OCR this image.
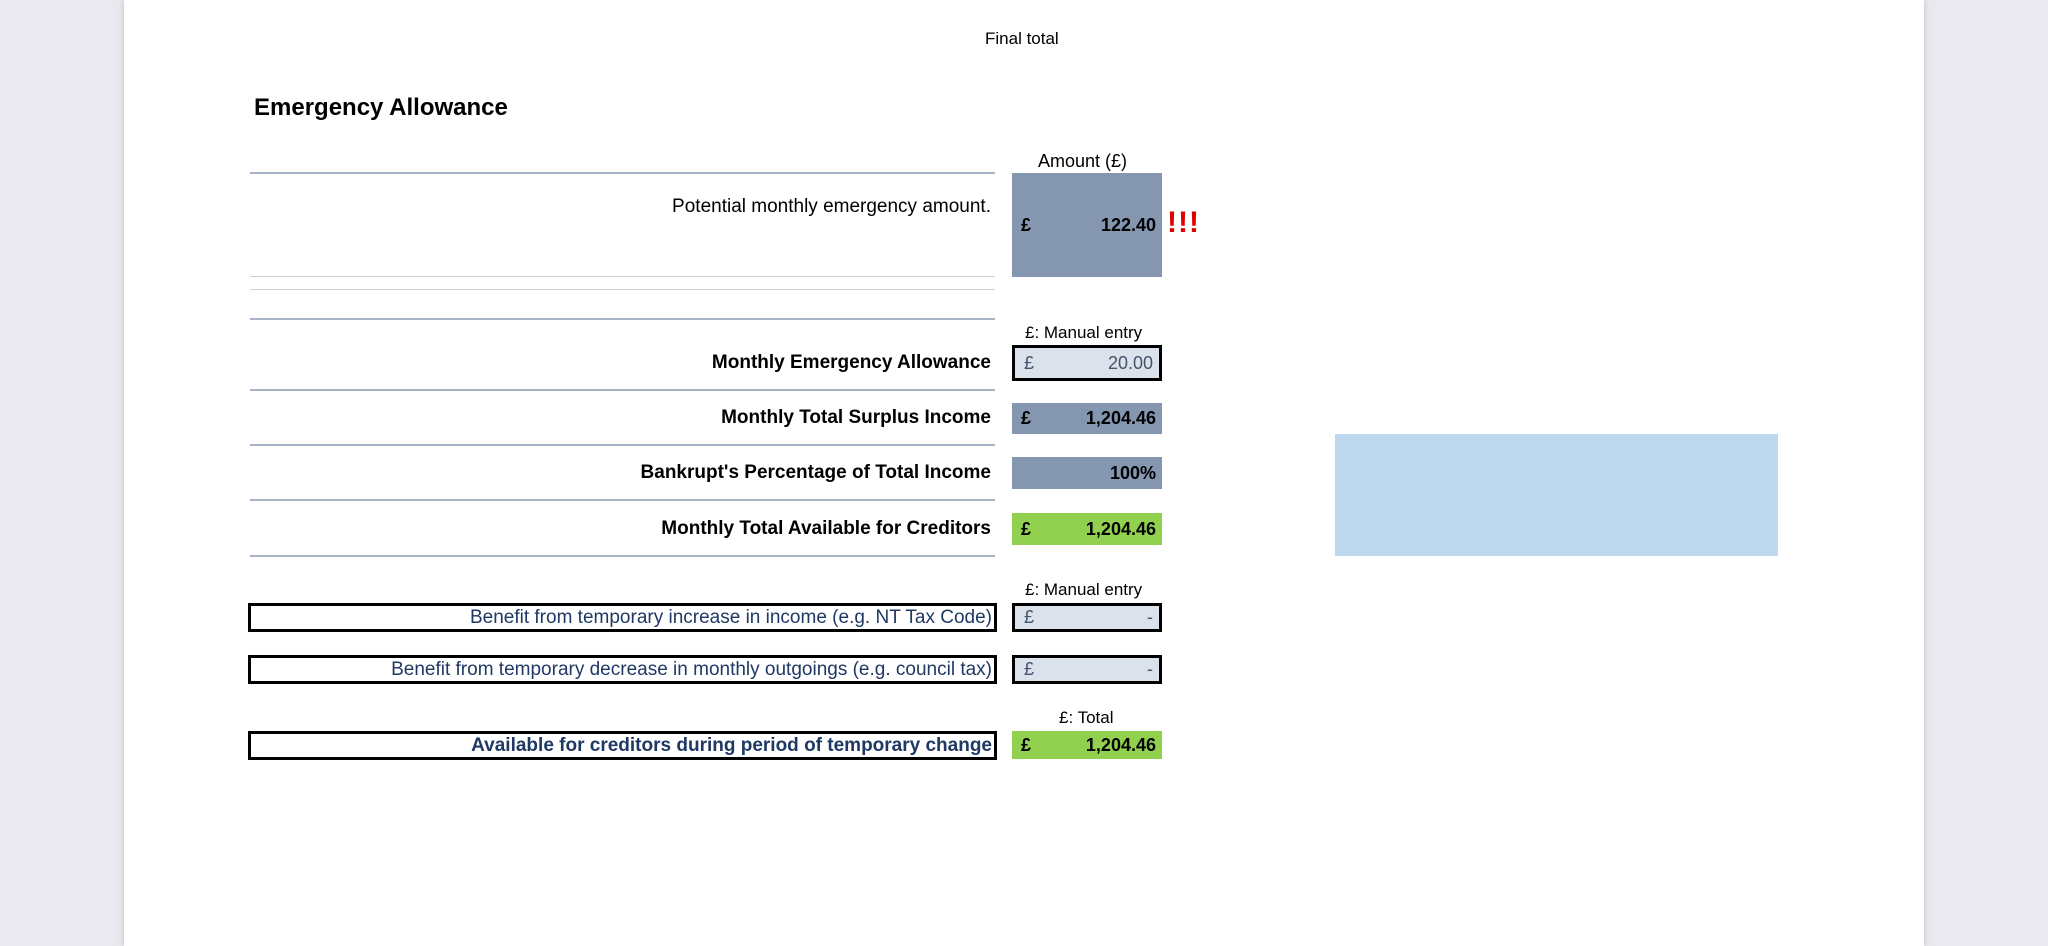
Final total
Emergency Allowance
Amount (£)
Potential monthly emergency amount.
£	122.40 !!!
£: Manual entry
Monthly Emergency Allowance £	20.00
Monthly Total Surplus Income £	1,204.46
Bankrupt's Percentage of Total Income	100%
Monthly Total Available for Creditors £	1,204.46
£: Manual entry
Benefit from temporary increase in income (e.g. NT Tax Code) £	-
Benefit from temporary decrease in monthly outgoings (e.g. council tax) £	-
£: Total
Available for creditors during period of temporary change £	1,204.46
